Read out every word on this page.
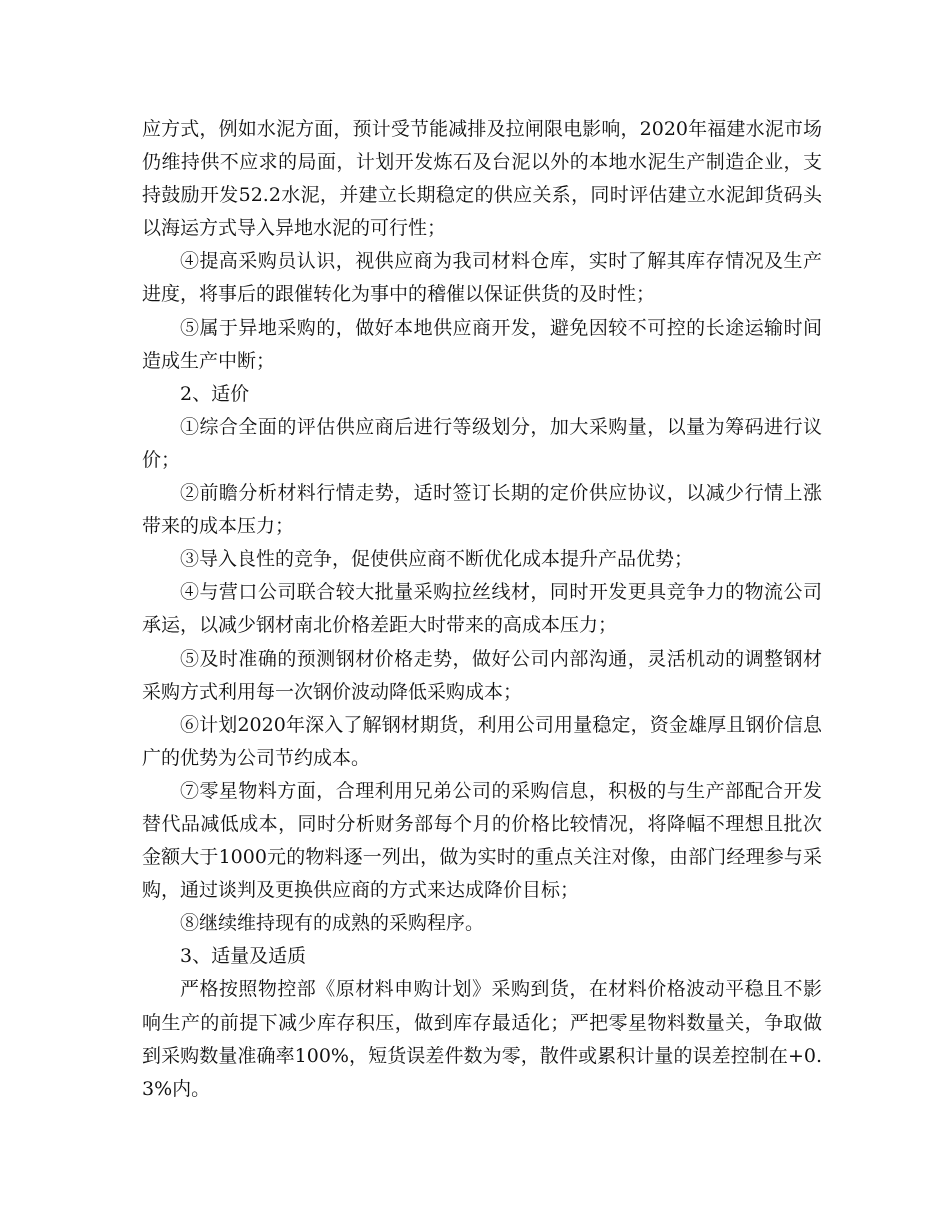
应方式，例如水泥方面，预计受节能减排及拉闸限电影响，2020年福建水泥市场仍维持供不应求的局面，计划开发炼石及台泥以外的本地水泥生产制造企业，支持鼓励开发52.2水泥，并建立长期稳定的供应关系，同时评估建立水泥卸货码头以海运方式导入异地水泥的可行性；

④提高采购员认识，视供应商为我司材料仓库，实时了解其库存情况及生产进度，将事后的跟催转化为事中的稽催以保证供货的及时性；

⑤属于异地采购的，做好本地供应商开发，避免因较不可控的长途运输时间造成生产中断；

2、适价

①综合全面的评估供应商后进行等级划分，加大采购量，以量为筹码进行议价；

②前瞻分析材料行情走势，适时签订长期的定价供应协议，以减少行情上涨带来的成本压力；

③导入良性的竞争，促使供应商不断优化成本提升产品优势；

④与营口公司联合较大批量采购拉丝线材，同时开发更具竞争力的物流公司承运，以减少钢材南北价格差距大时带来的高成本压力；

⑤及时准确的预测钢材价格走势，做好公司内部沟通，灵活机动的调整钢材采购方式利用每一次钢价波动降低采购成本；

⑥计划2020年深入了解钢材期货，利用公司用量稳定，资金雄厚且钢价信息广的优势为公司节约成本。

⑦零星物料方面，合理利用兄弟公司的采购信息，积极的与生产部配合开发替代品减低成本，同时分析财务部每个月的价格比较情况，将降幅不理想且批次金额大于1000元的物料逐一列出，做为实时的重点关注对像，由部门经理参与采购，通过谈判及更换供应商的方式来达成降价目标；

⑧继续维持现有的成熟的采购程序。

3、适量及适质

严格按照物控部《原材料申购计划》采购到货，在材料价格波动平稳且不影响生产的前提下减少库存积压，做到库存最适化；严把零星物料数量关，争取做到采购数量准确率100%，短货误差件数为零，散件或累积计量的误差控制在+0.3%内。
